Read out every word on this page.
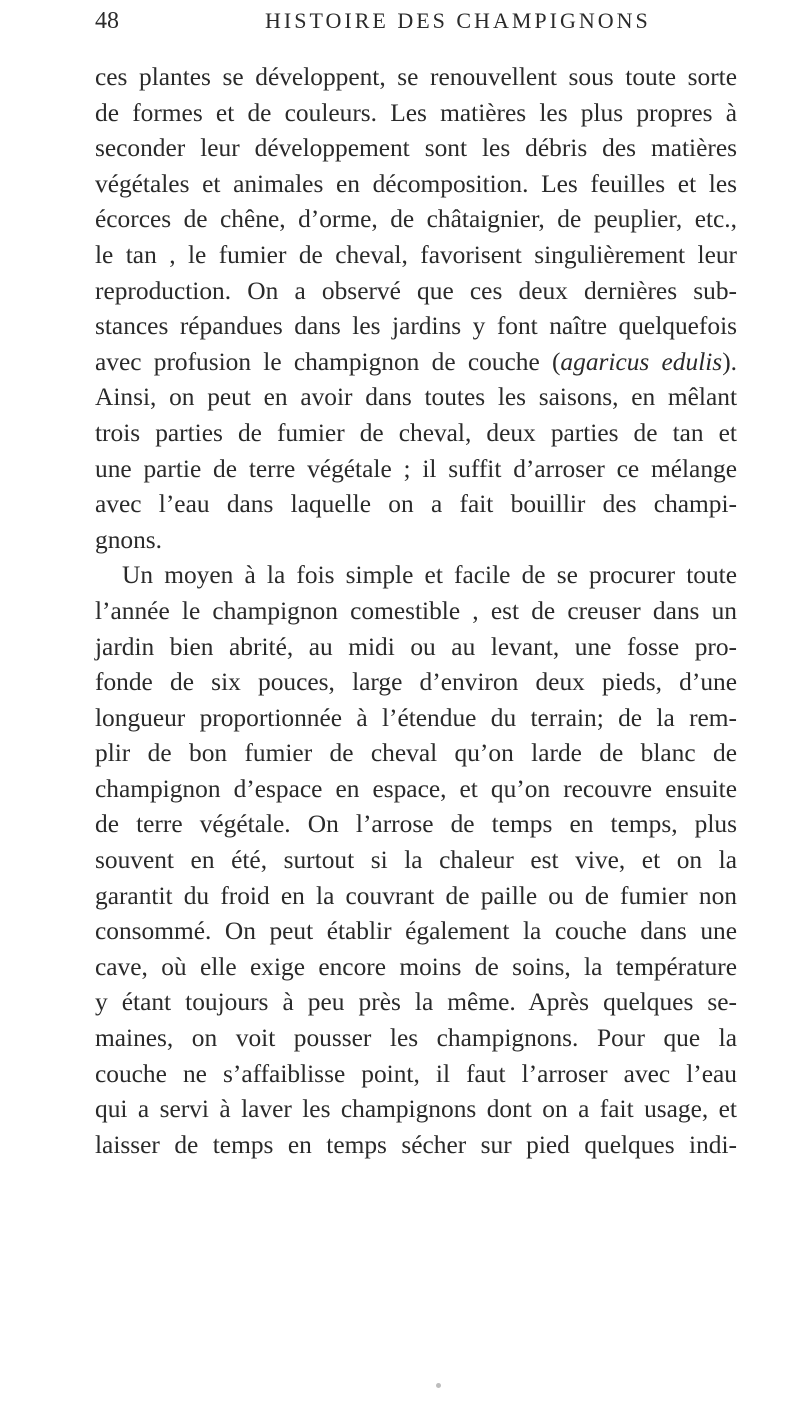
48	HISTOIRE DES CHAMPIGNONS
ces plantes se développent, se renouvellent sous toute sorte
de formes et de couleurs. Les matières les plus propres à
seconder leur développement sont les débris des matières
végétales et animales en décomposition. Les feuilles et les
écorces de chêne, d’orme, de châtaignier, de peuplier, etc.,
le tan , le fumier de cheval, favorisent singulièrement leur
reproduction. On a observé que ces deux dernières sub-
stances répandues dans les jardins y font naître quelquefois
avec profusion le champignon de couche (agaricus edulis).
Ainsi, on peut en avoir dans toutes les saisons, en mêlant
trois parties de fumier de cheval, deux parties de tan et
une partie de terre végétale ; il suffit d’arroser ce mélange
avec l’eau dans laquelle on a fait bouillir des champi-
gnons.
Un moyen à la fois simple et facile de se procurer toute
l’année le champignon comestible , est de creuser dans un
jardin bien abrité, au midi ou au levant, une fosse pro-
fonde de six pouces, large d’environ deux pieds, d’une
longueur proportionnée à l’étendue du terrain; de la rem-
plir de bon fumier de cheval qu’on larde de blanc de
champignon d’espace en espace, et qu’on recouvre ensuite
de terre végétale. On l’arrose de temps en temps, plus
souvent en été, surtout si la chaleur est vive, et on la
garantit du froid en la couvrant de paille ou de fumier non
consommé. On peut établir également la couche dans une
cave, où elle exige encore moins de soins, la température
y étant toujours à peu près la même. Après quelques se-
maines, on voit pousser les champignons. Pour que la
couche ne s’affaiblisse point, il faut l’arroser avec l’eau
qui a servi à laver les champignons dont on a fait usage, et
laisser de temps en temps sécher sur pied quelques indi-
